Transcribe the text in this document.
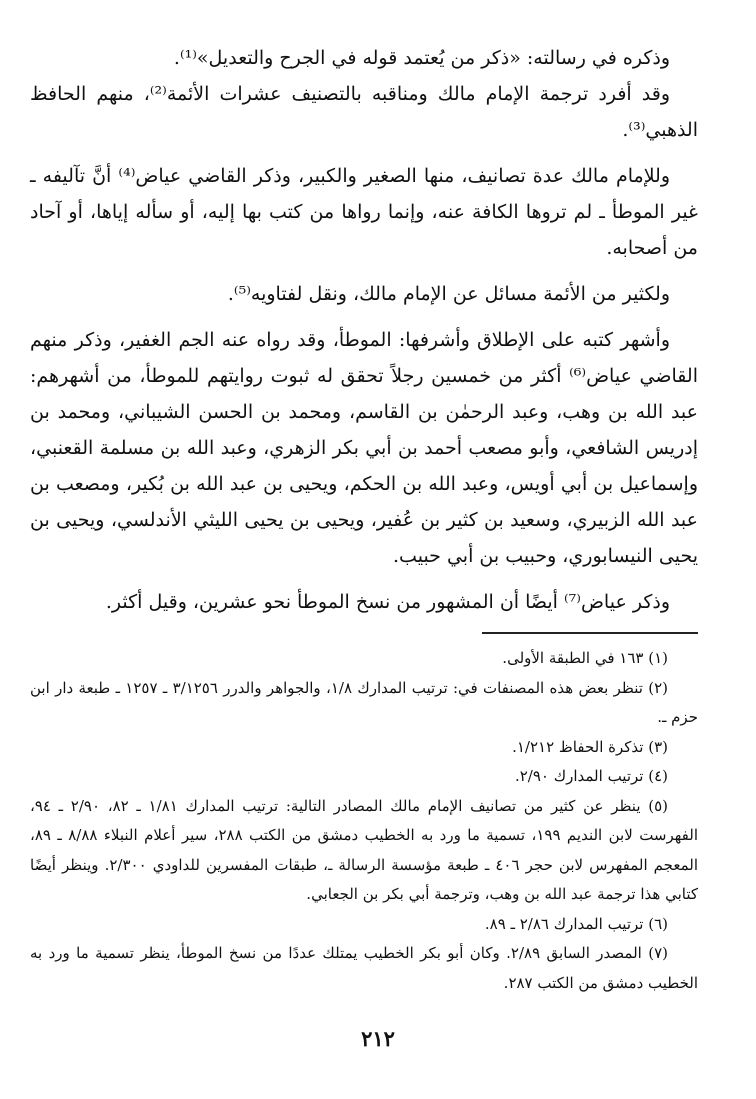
وذكره في رسالته: «ذكر من يُعتمد قوله في الجرح والتعديل»⁽¹⁾.

وقد أفرد ترجمة الإمام مالك ومناقبه بالتصنيف عشرات الأئمة⁽²⁾، منهم الحافظ الذهبي⁽³⁾.

وللإمام مالك عدة تصانيف، منها الصغير والكبير، وذكر القاضي عياض⁽⁴⁾ أنَّ تآليفه ـ غير الموطأ ـ لم تروها الكافة عنه، وإنما رواها من كتب بها إليه، أو سأله إياها، أو آحاد من أصحابه.

ولكثير من الأئمة مسائل عن الإمام مالك، ونقل لفتاويه⁽⁵⁾.

وأشهر كتبه على الإطلاق وأشرفها: الموطأ، وقد رواه عنه الجم الغفير، وذكر منهم القاضي عياض⁽⁶⁾ أكثر من خمسين رجلاً تحقق له ثبوت روايتهم للموطأ، من أشهرهم: عبد الله بن وهب، وعبد الرحمٰن بن القاسم، ومحمد بن الحسن الشيباني، ومحمد بن إدريس الشافعي، وأبو مصعب أحمد بن أبي بكر الزهري، وعبد الله بن مسلمة القعنبي، وإسماعيل بن أبي أويس، وعبد الله بن الحكم، ويحيى بن عبد الله بن بُكير، ومصعب بن عبد الله الزبيري، وسعيد بن كثير بن عُفير، ويحيى بن يحيى الليثي الأندلسي، ويحيى بن يحيى النيسابوري، وحبيب بن أبي حبيب.

وذكر عياض⁽⁷⁾ أيضًا أن المشهور من نسخ الموطأ نحو عشرين، وقيل أكثر.

(١) ١٦٣ في الطبقة الأولى.

(٢) تنظر بعض هذه المصنفات في: ترتيب المدارك ١/٨، والجواهر والدرر ٣/١٢٥٦ ـ ١٢٥٧ ـ طبعة دار ابن حزم ـ.

(٣) تذكرة الحفاظ ١/٢١٢.

(٤) ترتيب المدارك ٢/٩٠.

(٥) ينظر عن كثير من تصانيف الإمام مالك المصادر التالية: ترتيب المدارك ١/٨١ ـ ٨٢، ٢/٩٠ ـ ٩٤، الفهرست لابن النديم ١٩٩، تسمية ما ورد به الخطيب دمشق من الكتب ٢٨٨، سير أعلام النبلاء ٨/٨٨ ـ ٨٩، المعجم المفهرس لابن حجر ٤٠٦ ـ طبعة مؤسسة الرسالة ـ، طبقات المفسرين للداودي ٢/٣٠٠. وينظر أيضًا كتابي هذا ترجمة عبد الله بن وهب، وترجمة أبي بكر بن الجعابي.

(٦) ترتيب المدارك ٢/٨٦ ـ ٨٩.

(٧) المصدر السابق ٢/٨٩. وكان أبو بكر الخطيب يمتلك عددًا من نسخ الموطأ، ينظر تسمية ما ورد به الخطيب دمشق من الكتب ٢٨٧.

٢١٢
